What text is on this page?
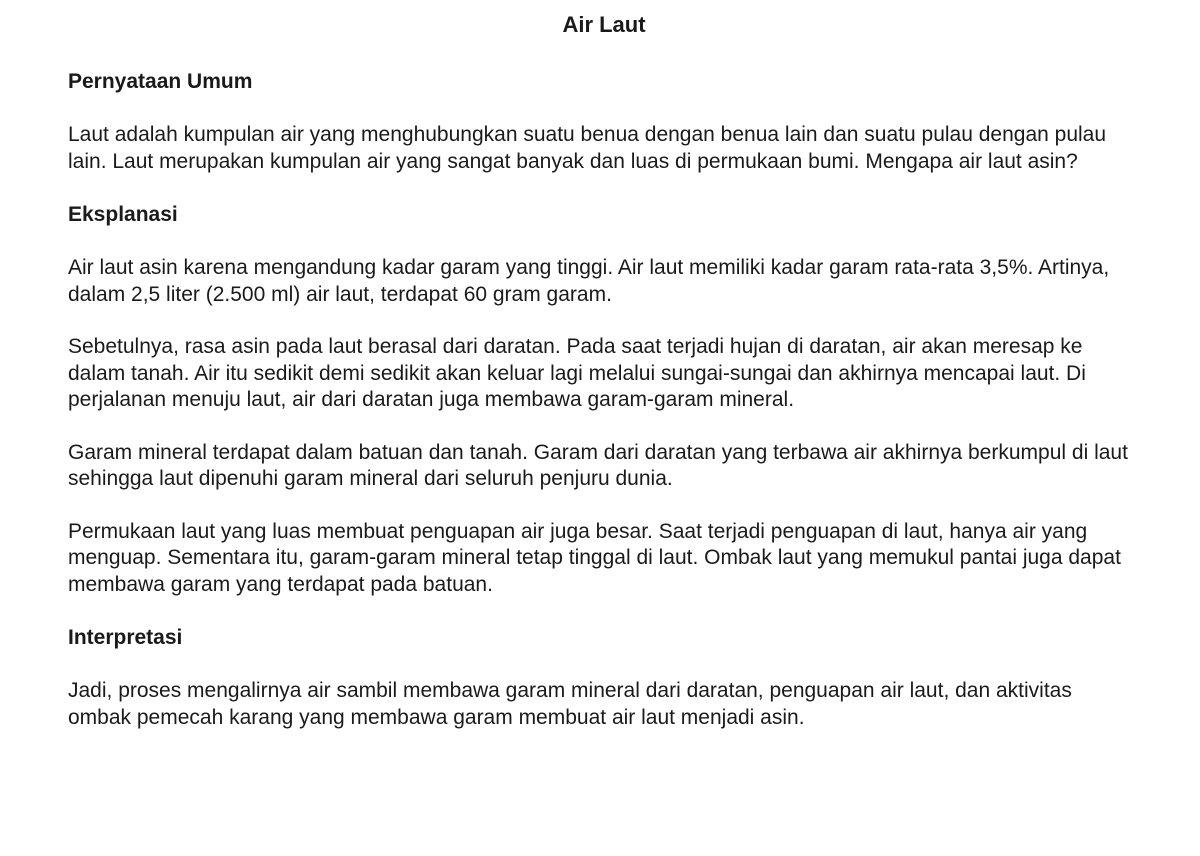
Air Laut
Pernyataan Umum

Laut adalah kumpulan air yang menghubungkan suatu benua dengan benua lain dan suatu pulau dengan pulau lain. Laut merupakan kumpulan air yang sangat banyak dan luas di permukaan bumi. Mengapa air laut asin?

Eksplanasi

Air laut asin karena mengandung kadar garam yang tinggi. Air laut memiliki kadar garam rata-rata 3,5%. Artinya, dalam 2,5 liter (2.500 ml) air laut, terdapat 60 gram garam.

Sebetulnya, rasa asin pada laut berasal dari daratan. Pada saat terjadi hujan di daratan, air akan meresap ke dalam tanah. Air itu sedikit demi sedikit akan keluar lagi melalui sungai-sungai dan akhirnya mencapai laut. Di perjalanan menuju laut, air dari daratan juga membawa garam-garam mineral.

Garam mineral terdapat dalam batuan dan tanah. Garam dari daratan yang terbawa air akhirnya berkumpul di laut sehingga laut dipenuhi garam mineral dari seluruh penjuru dunia.

Permukaan laut yang luas membuat penguapan air juga besar. Saat terjadi penguapan di laut, hanya air yang menguap. Sementara itu, garam-garam mineral tetap tinggal di laut. Ombak laut yang memukul pantai juga dapat membawa garam yang terdapat pada batuan.

Interpretasi

Jadi, proses mengalirnya air sambil membawa garam mineral dari daratan, penguapan air laut, dan aktivitas ombak pemecah karang yang membawa garam membuat air laut menjadi asin.
